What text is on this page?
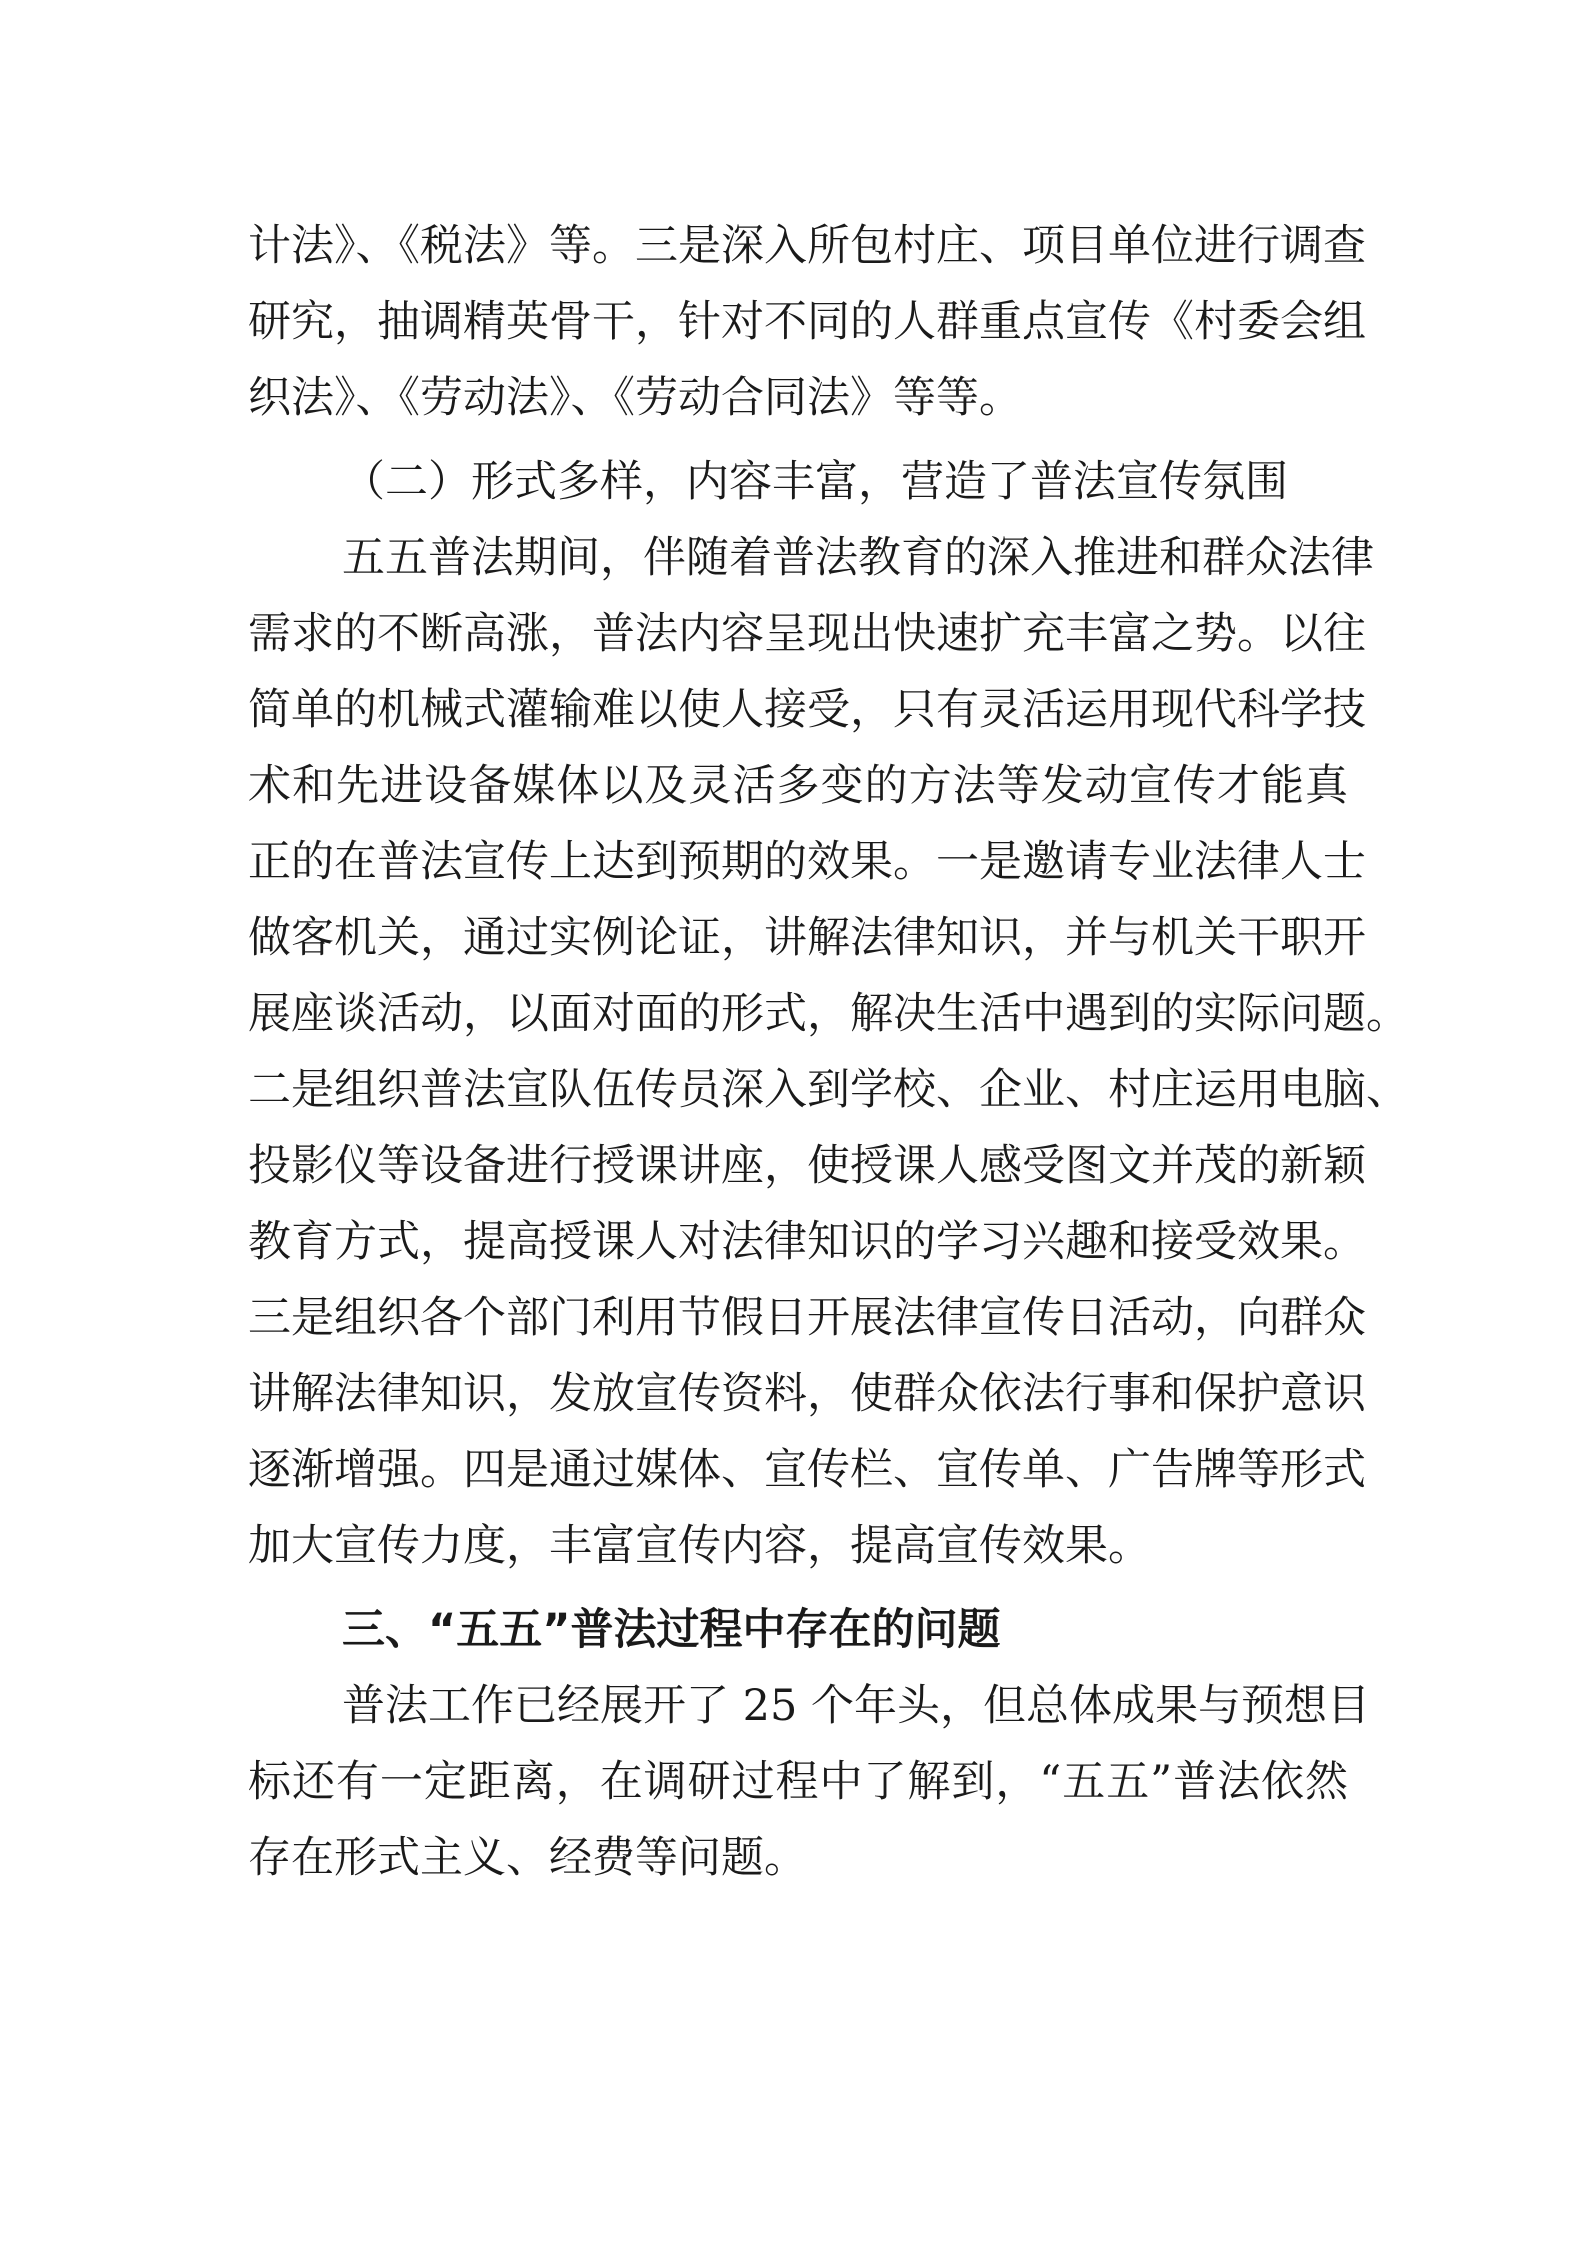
计法》、《税法》等。三是深入所包村庄、项目单位进行调查
研究，抽调精英骨干，针对不同的人群重点宣传《村委会组
织法》、《劳动法》、《劳动合同法》等等。
（二）形式多样，内容丰富，营造了普法宣传氛围
五五普法期间，伴随着普法教育的深入推进和群众法律
需求的不断高涨，普法内容呈现出快速扩充丰富之势。以往
简单的机械式灌输难以使人接受，只有灵活运用现代科学技
术和先进设备媒体以及灵活多变的方法等发动宣传才能真
正的在普法宣传上达到预期的效果。一是邀请专业法律人士
做客机关，通过实例论证，讲解法律知识，并与机关干职开
展座谈活动，以面对面的形式，解决生活中遇到的实际问题。
二是组织普法宣队伍传员深入到学校、企业、村庄运用电脑、
投影仪等设备进行授课讲座，使授课人感受图文并茂的新颖
教育方式，提高授课人对法律知识的学习兴趣和接受效果。
三是组织各个部门利用节假日开展法律宣传日活动，向群众
讲解法律知识，发放宣传资料，使群众依法行事和保护意识
逐渐增强。四是通过媒体、宣传栏、宣传单、广告牌等形式
加大宣传力度，丰富宣传内容，提高宣传效果。
三、“五五”普法过程中存在的问题
普法工作已经展开了 25 个年头，但总体成果与预想目
标还有一定距离，在调研过程中了解到，“五五”普法依然
存在形式主义、经费等问题。
